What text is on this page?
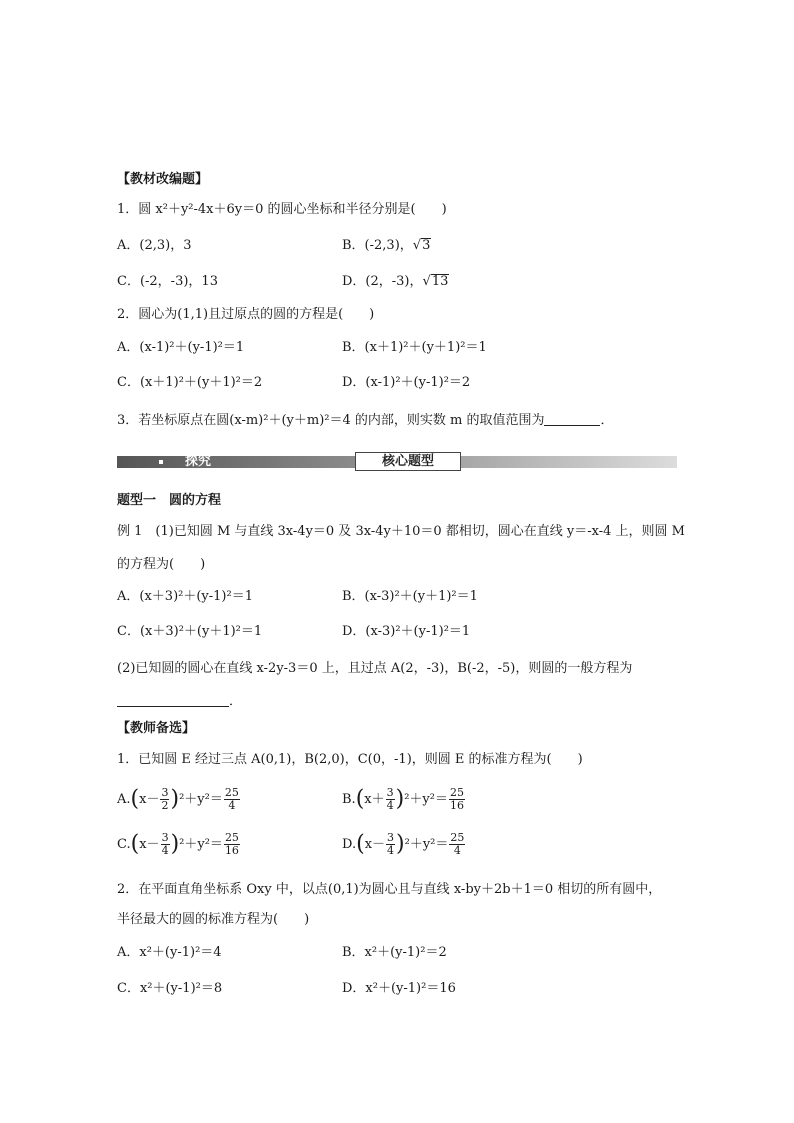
【教材改编题】
1．圆 x²＋y²-4x＋6y＝0 的圆心坐标和半径分别是(　　)
A．(2,3)，3	B．(-2,3)，√3
C．(-2，-3)，13	D．(2，-3)，√13
2．圆心为(1,1)且过原点的圆的方程是(　　)
A．(x-1)²＋(y-1)²＝1	B．(x＋1)²＋(y＋1)²＝1
C．(x＋1)²＋(y＋1)²＝2	D．(x-1)²＋(y-1)²＝2
3．若坐标原点在圆(x-m)²＋(y＋m)²＝4 的内部，则实数 m 的取值范围为	．
探究	核心题型
题型一　圆的方程
例 1　(1)已知圆 M 与直线 3x-4y＝0 及 3x-4y＋10＝0 都相切，圆心在直线 y＝-x-4 上，则圆 M
的方程为(　　)
A．(x＋3)²＋(y-1)²＝1	B．(x-3)²＋(y＋1)²＝1
C．(x＋3)²＋(y＋1)²＝1	D．(x-3)²＋(y-1)²＝1
(2)已知圆的圆心在直线 x-2y-3＝0 上，且过点 A(2，-3)，B(-2，-5)，则圆的一般方程为
．
【教师备选】
1．已知圆 E 经过三点 A(0,1)，B(2,0)，C(0，-1)，则圆 E 的标准方程为(　　)
$A.(x- \frac{3}{2} )^2+y^2= \frac{25}{4}$	$B.(x+ \frac{3}{4} )^2+y^2= \frac{25}{16}$
$C.(x- \frac{3}{4} )^2+y^2= \frac{25}{16}$	$D.(x- \frac{3}{4} )^2+y^2= \frac{25}{4}$
2．在平面直角坐标系 Oxy 中，以点(0,1)为圆心且与直线 x-by＋2b＋1＝0 相切的所有圆中，
半径最大的圆的标准方程为(　　)
A．x²＋(y-1)²＝4	B．x²＋(y-1)²＝2
C．x²＋(y-1)²＝8	D．x²＋(y-1)²＝16
